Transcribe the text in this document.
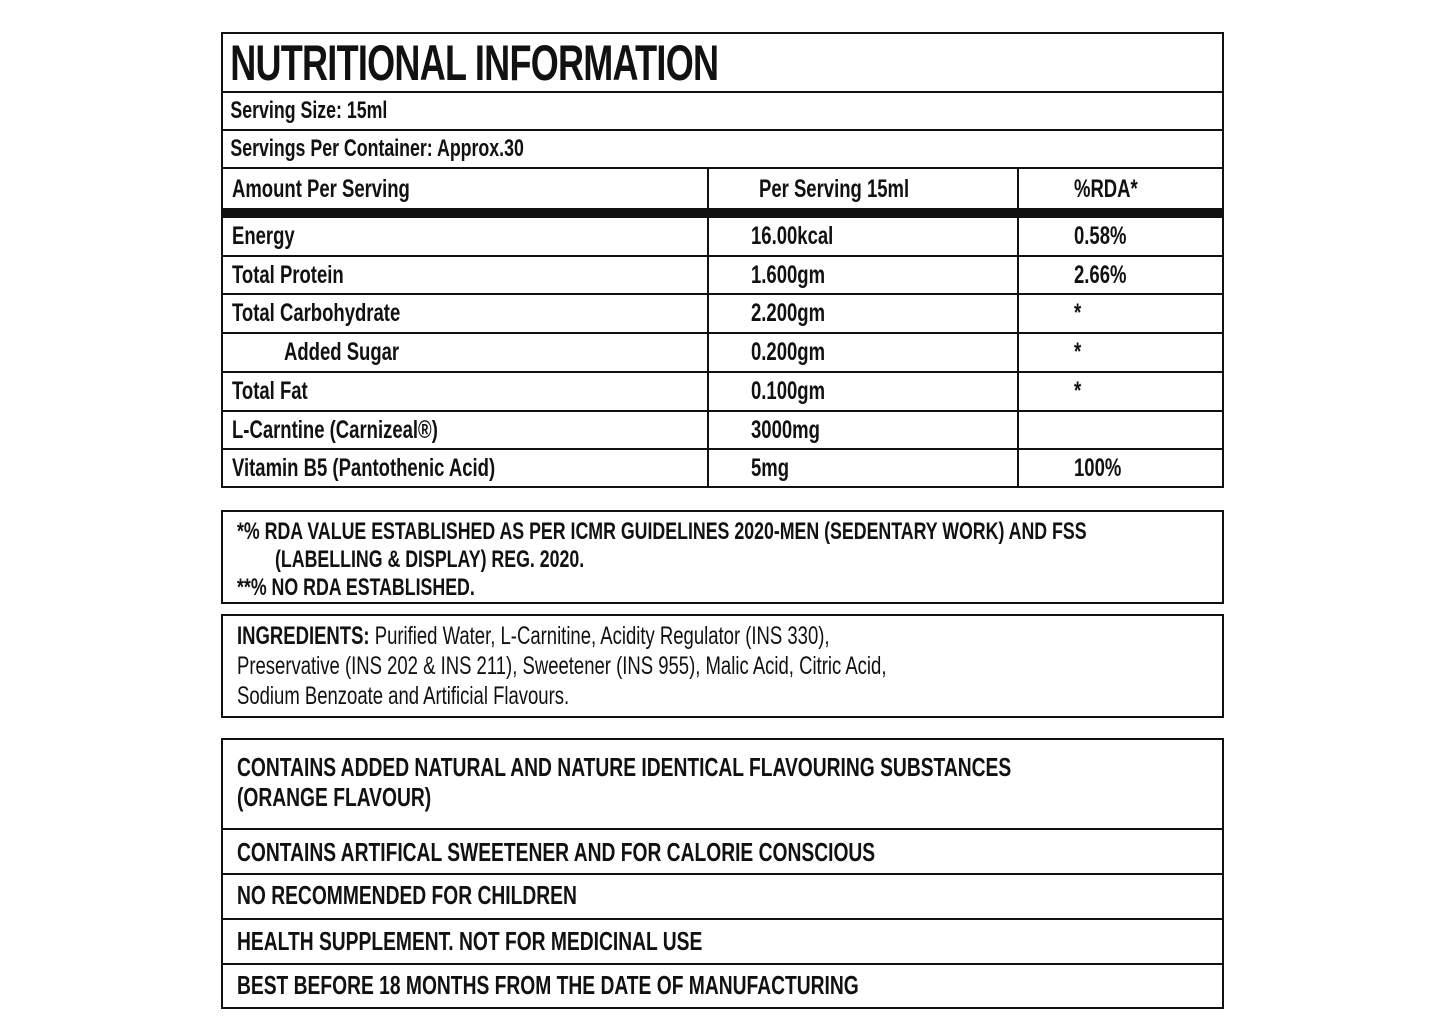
NUTRITIONAL INFORMATION
Serving Size: 15ml
Servings Per Container: Approx.30
Amount Per Serving	Per Serving 15ml	%RDA*
Energy	16.00kcal	0.58%
Total Protein	1.600gm	2.66%
Total Carbohydrate	2.200gm	*
Added Sugar	0.200gm	*
Total Fat	0.100gm	*
L-Carntine (Carnizeal®)	3000mg
Vitamin B5 (Pantothenic Acid)	5mg	100%
*% RDA VALUE ESTABLISHED AS PER ICMR GUIDELINES 2020-MEN (SEDENTARY WORK) AND FSS
(LABELLING & DISPLAY) REG. 2020.
**% NO RDA ESTABLISHED.
INGREDIENTS: Purified Water, L-Carnitine, Acidity Regulator (INS 330),
Preservative (INS 202 & INS 211), Sweetener (INS 955), Malic Acid, Citric Acid,
Sodium Benzoate and Artificial Flavours.
CONTAINS ADDED NATURAL AND NATURE IDENTICAL FLAVOURING SUBSTANCES
(ORANGE FLAVOUR)
CONTAINS ARTIFICAL SWEETENER AND FOR CALORIE CONSCIOUS
NO RECOMMENDED FOR CHILDREN
HEALTH SUPPLEMENT. NOT FOR MEDICINAL USE
BEST BEFORE 18 MONTHS FROM THE DATE OF MANUFACTURING
